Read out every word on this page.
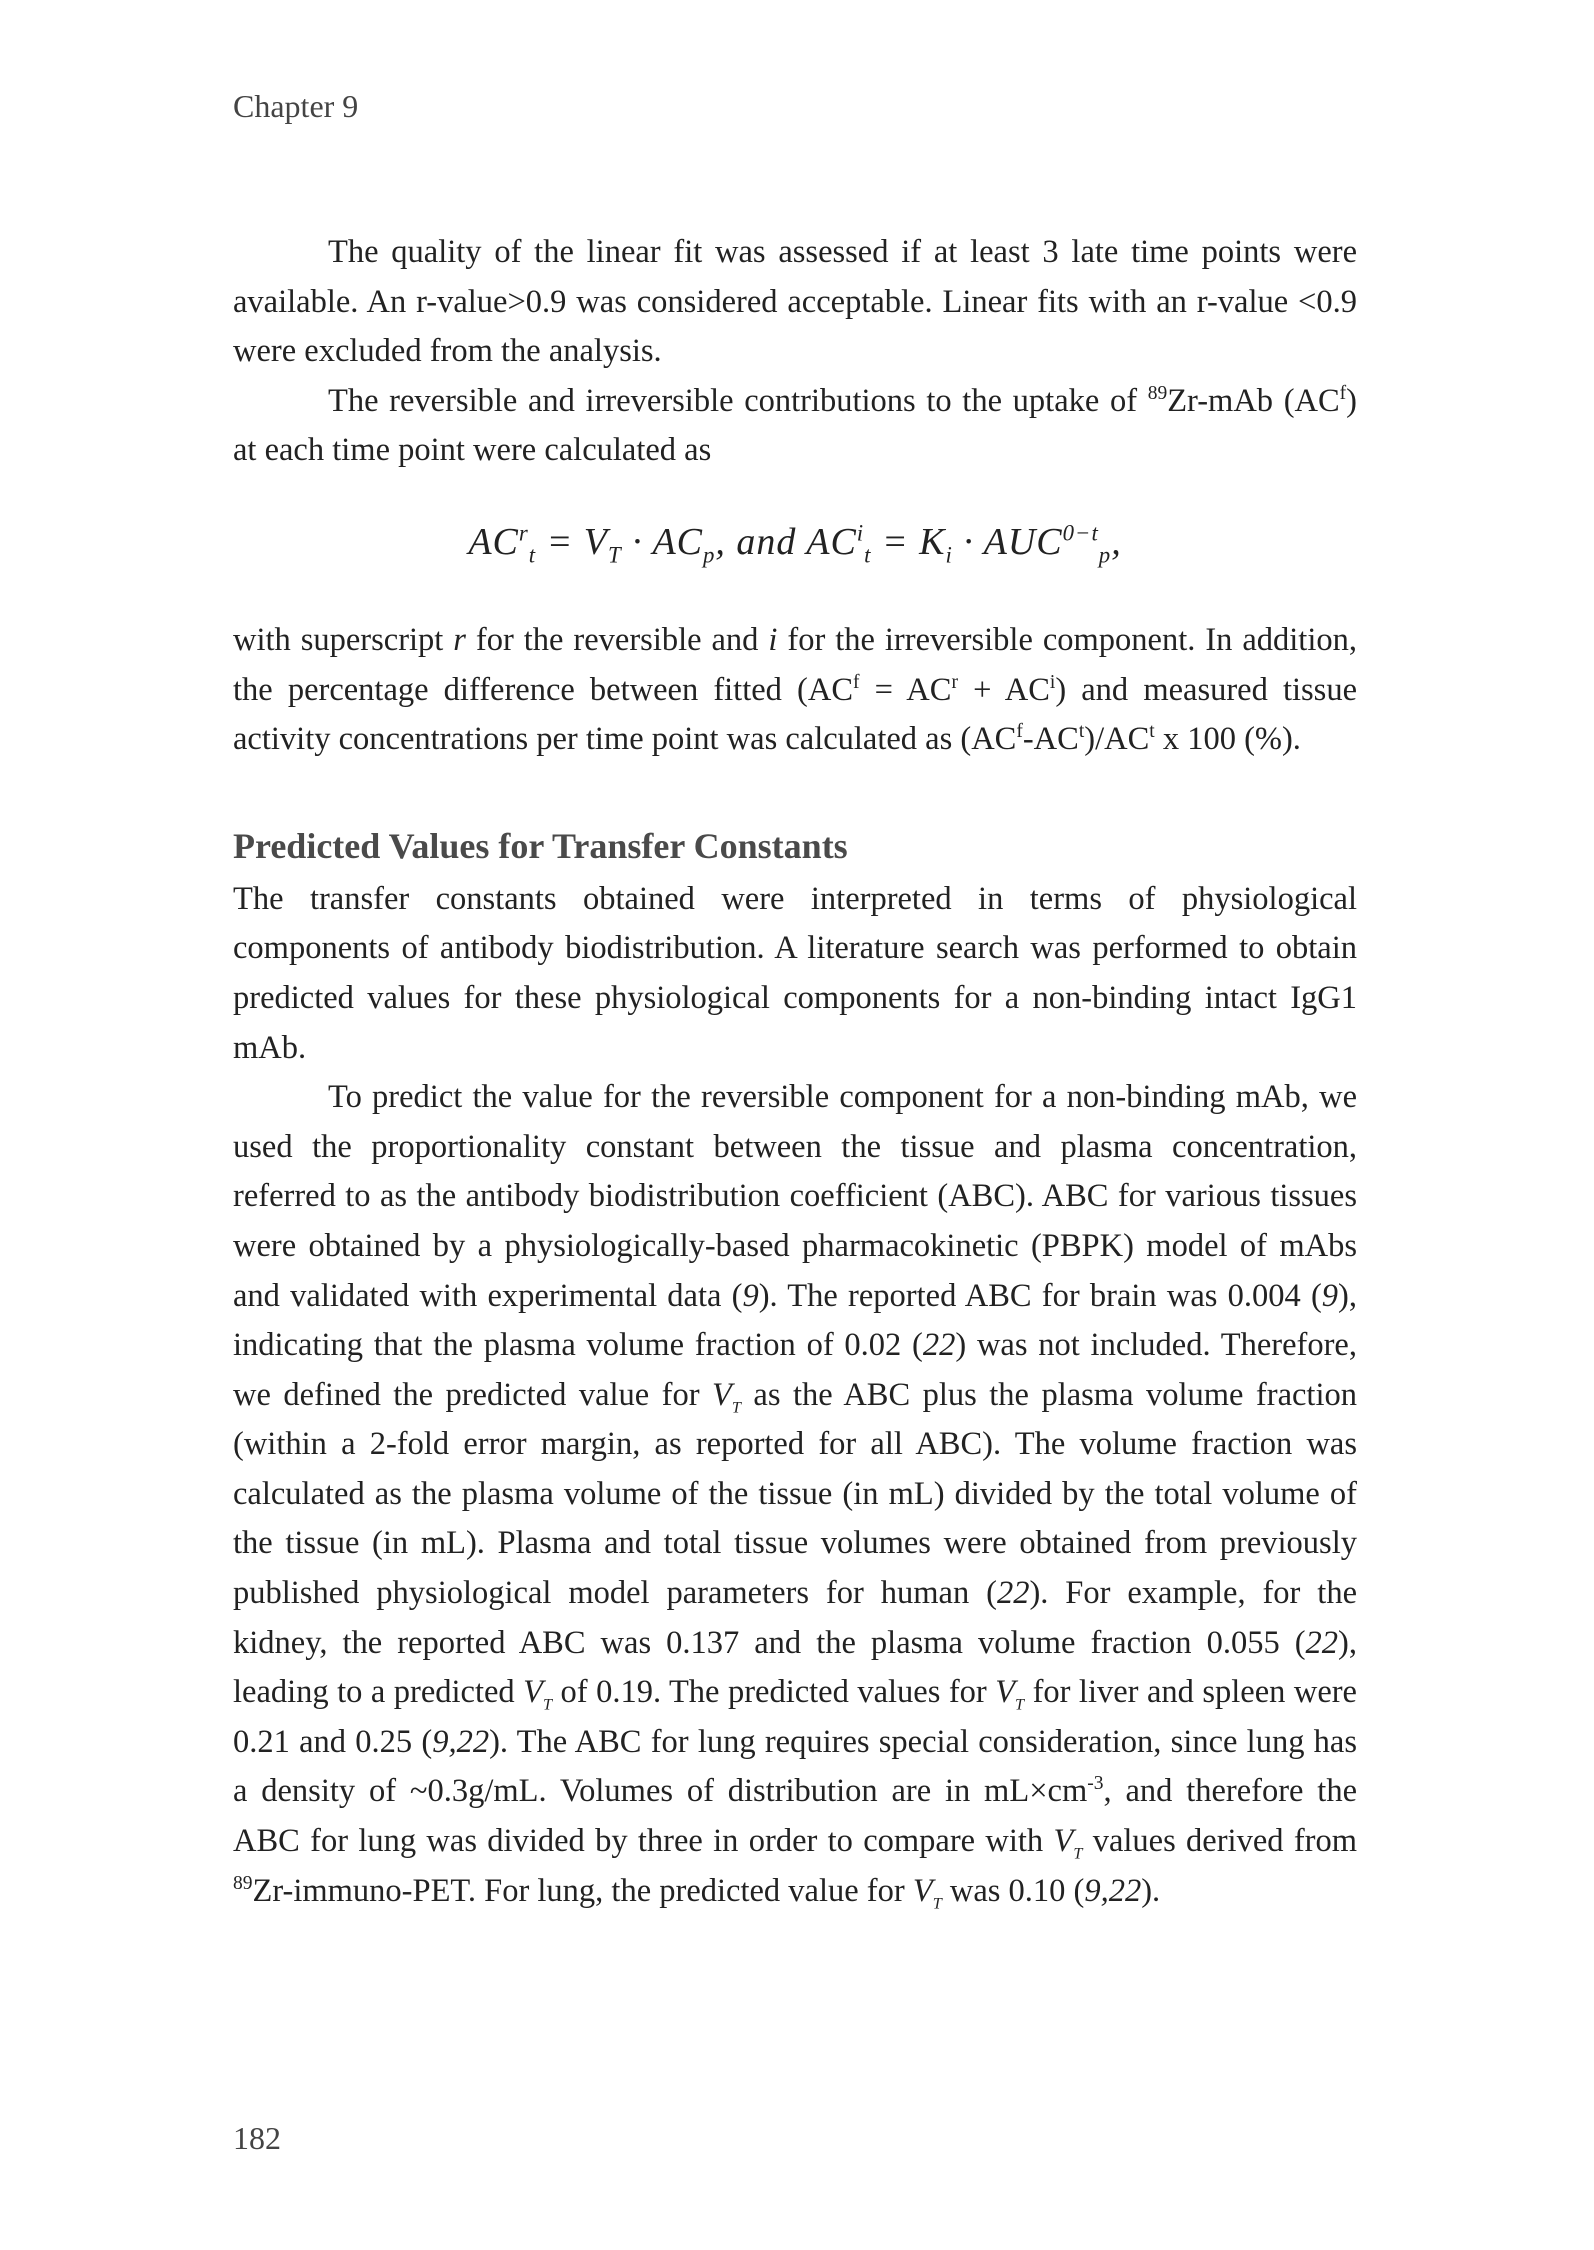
Chapter 9

The quality of the linear fit was assessed if at least 3 late time points were available. An r-value>0.9 was considered acceptable. Linear fits with an r-value <0.9 were excluded from the analysis.

The reversible and irreversible contributions to the uptake of $^{89}$Zr-mAb $(AC^f)$ at each time point were calculated as

$AC^r_t = V_T \cdot AC_p$, and $AC^i_t = K_i \cdot AUC^{0-t}_p$,

with superscript r for the reversible and i for the irreversible component. In addition, the percentage difference between fitted $(AC^f = AC^r + AC^i)$ and measured tissue activity concentrations per time point was calculated as $(AC^f-AC^t)/AC^t$ x 100 (%).

Predicted Values for Transfer Constants

The transfer constants obtained were interpreted in terms of physiological components of antibody biodistribution. A literature search was performed to obtain predicted values for these physiological components for a non-binding intact IgG1 mAb.

To predict the value for the reversible component for a non-binding mAb, we used the proportionality constant between the tissue and plasma concentration, referred to as the antibody biodistribution coefficient (ABC). ABC for various tissues were obtained by a physiologically-based pharmacokinetic (PBPK) model of mAbs and validated with experimental data (9). The reported ABC for brain was 0.004 (9), indicating that the plasma volume fraction of 0.02 (22) was not included. Therefore, we defined the predicted value for $V_T$ as the ABC plus the plasma volume fraction (within a 2-fold error margin, as reported for all ABC). The volume fraction was calculated as the plasma volume of the tissue (in mL) divided by the total volume of the tissue (in mL). Plasma and total tissue volumes were obtained from previously published physiological model parameters for human (22). For example, for the kidney, the reported ABC was 0.137 and the plasma volume fraction 0.055 (22), leading to a predicted $V_T$ of 0.19. The predicted values for $V_T$ for liver and spleen were 0.21 and 0.25 (9,22). The ABC for lung requires special consideration, since lung has a density of ~0.3g/mL. Volumes of distribution are in $mL\times cm^{-3}$, and therefore the ABC for lung was divided by three in order to compare with $V_T$ values derived from $^{89}$Zr-immuno-PET. For lung, the predicted value for $V_T$ was 0.10 (9,22).

182
